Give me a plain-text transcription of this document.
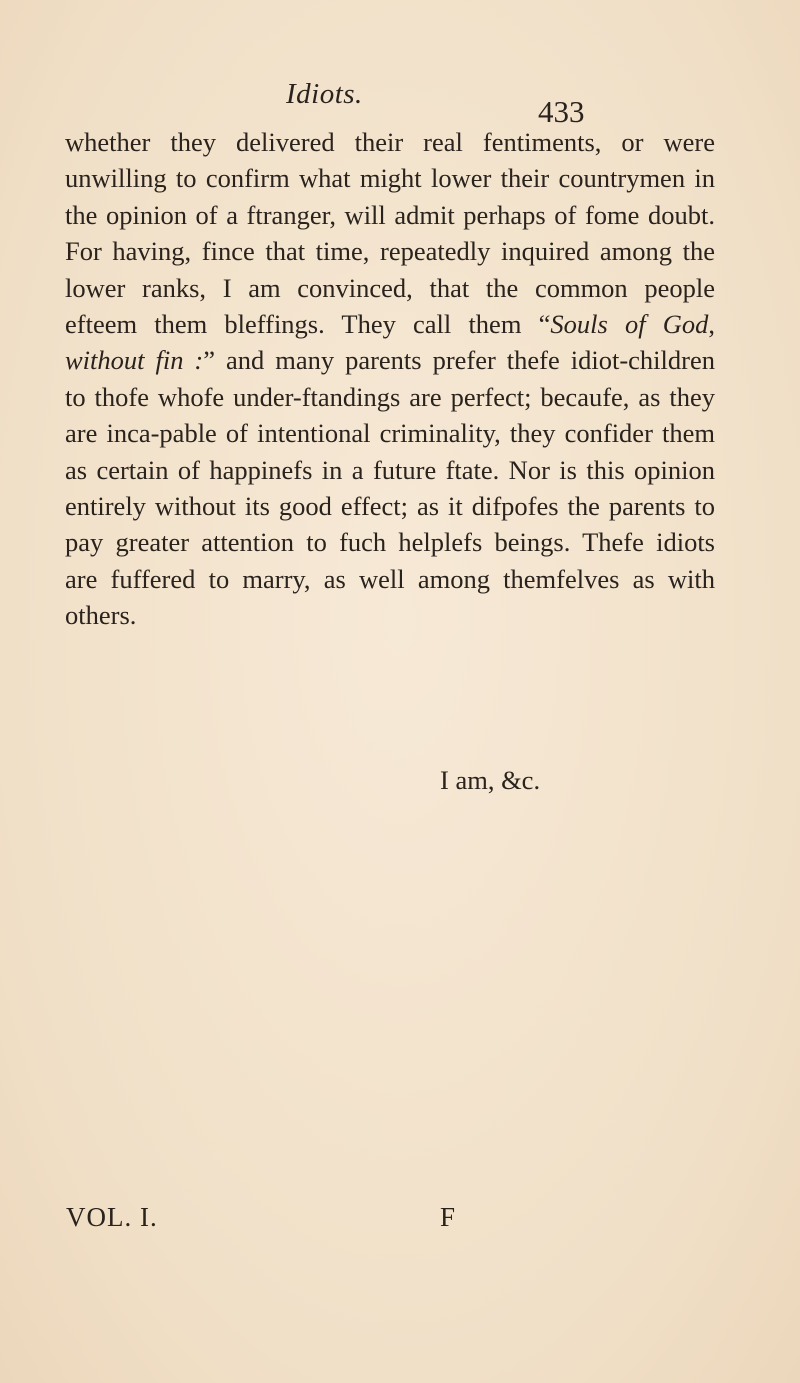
Idiots.	433

whether they delivered their real fentiments, or were unwilling to confirm what might lower their countrymen in the opinion of a ftranger, will admit perhaps of fome doubt. For having, fince that time, repeatedly inquired among the lower ranks, I am convinced, that the common people efteem them bleffings. They call them “Souls of God, without fin :” and many parents prefer thefe idiot-children to thofe whofe under-ftandings are perfect; becaufe, as they are inca-pable of intentional criminality, they confider them as certain of happinefs in a future ftate. Nor is this opinion entirely without its good effect; as it difpofes the parents to pay greater attention to fuch helplefs beings. Thefe idiots are fuffered to marry, as well among themfelves as with others.

I am, &c.
VOL. I.	F
